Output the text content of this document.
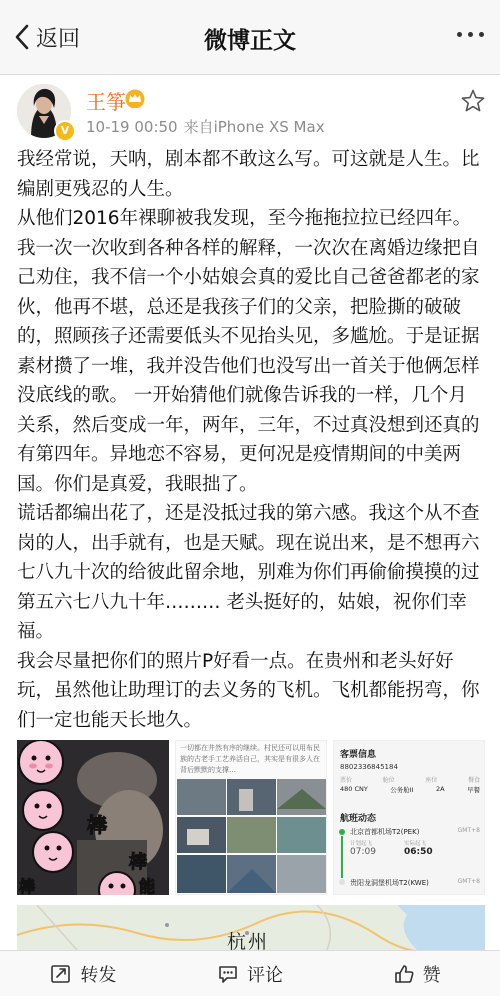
返回	微博正文
V
王筝
10-19 00:50 来自iPhone XS Max

我经常说，天呐，剧本都不敢这么写。可这就是人生。比编剧更残忍的人生。

从他们2016年裸聊被我发现，至今拖拖拉拉已经四年。我一次一次收到各种各样的解释，一次次在离婚边缘把自己劝住，我不信一个小姑娘会真的爱比自己爸爸都老的家伙，他再不堪，总还是我孩子们的父亲，把脸撕的破破的，照顾孩子还需要低头不见抬头见，多尴尬。于是证据素材攒了一堆，我并没告他们也没写出一首关于他俩怎样没底线的歌。 一开始猜他们就像告诉我的一样，几个月关系，然后变成一年，两年，三年，不过真没想到还真的有第四年。异地恋不容易，更何况是疫情期间的中美两国。你们是真爱，我眼拙了。

谎话都编出花了，还是没抵过我的第六感。我这个从不查岗的人，出手就有，也是天赋。现在说出来，是不想再六七八九十次的给彼此留余地，别难为你们再偷偷摸摸的过第五六七八九十年……… 老头挺好的，姑娘，祝你们幸福。

我会尽量把你们的照片P好看一点。在贵州和老头好好玩，虽然他让助理订的去义务的飞机。飞机都能拐弯，你们一定也能天长地久。

棒
棒
能
棒
一切都在井然有序的继续。村民还可以用布民族的古老手工艺养活自己，其实是有很多人在背后默默的支撑…
客票信息
8802336845184
票价	舱位	座位	餐食
480 CNY	公务舱II	2A	早餐
航班动态
北京首都机场T2(PEK)	GMT+8
计划起飞	实际起飞
07:09	06:50
贵阳龙洞堡机场T2(KWE)	GMT+8
杭州
转发	评论	赞
